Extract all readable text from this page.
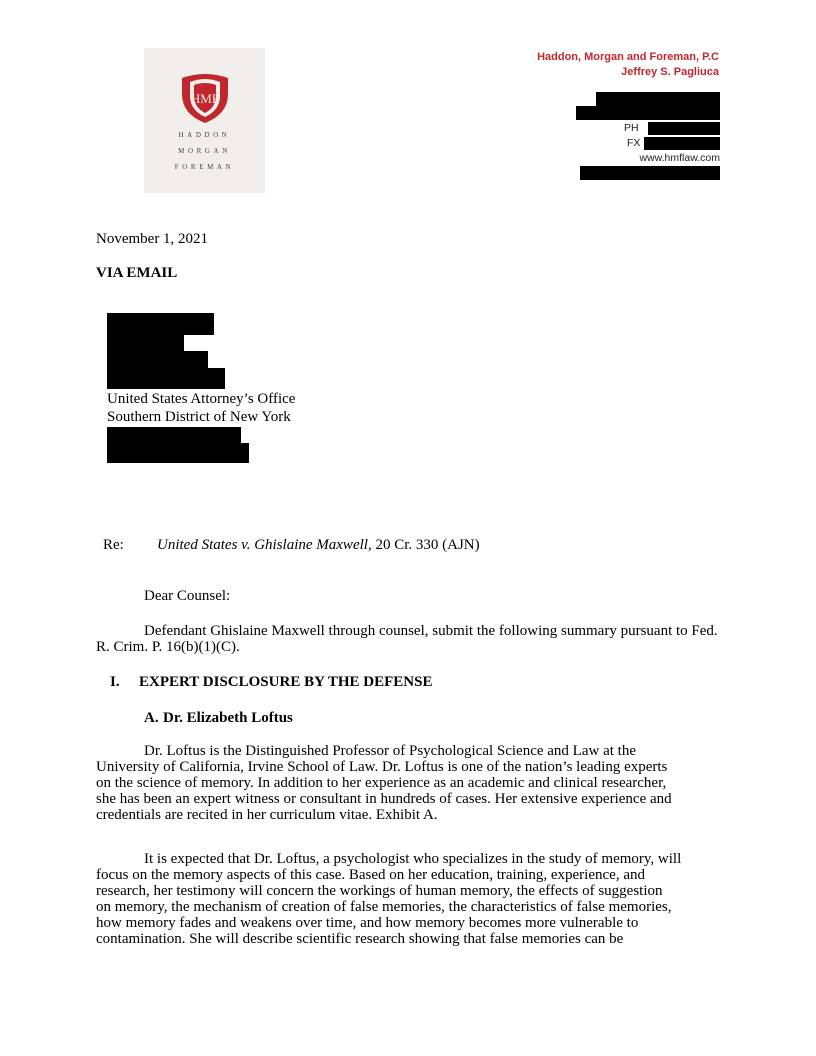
HMF
HADDON
MORGAN
FOREMAN
Haddon, Morgan and Foreman, P.C
Jeffrey S. Pagliuca
PH
FX
www.hmflaw.com
November 1, 2021
VIA EMAIL
United States Attorney’s Office
Southern District of New York
Re: United States v. Ghislaine Maxwell, 20 Cr. 330 (AJN)
Dear Counsel:
Defendant Ghislaine Maxwell through counsel, submit the following summary pursuant to Fed. R. Crim. P. 16(b)(1)(C).
I. EXPERT DISCLOSURE BY THE DEFENSE
A. Dr. Elizabeth Loftus
Dr. Loftus is the Distinguished Professor of Psychological Science and Law at the
University of California, Irvine School of Law. Dr. Loftus is one of the nation’s leading experts
on the science of memory. In addition to her experience as an academic and clinical researcher,
she has been an expert witness or consultant in hundreds of cases. Her extensive experience and
credentials are recited in her curriculum vitae. Exhibit A.
It is expected that Dr. Loftus, a psychologist who specializes in the study of memory, will
focus on the memory aspects of this case. Based on her education, training, experience, and
research, her testimony will concern the workings of human memory, the effects of suggestion
on memory, the mechanism of creation of false memories, the characteristics of false memories,
how memory fades and weakens over time, and how memory becomes more vulnerable to
contamination. She will describe scientific research showing that false memories can be
